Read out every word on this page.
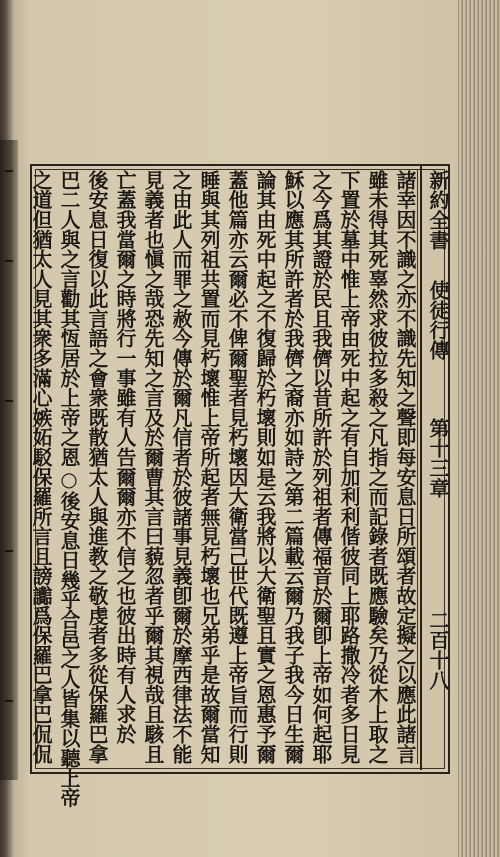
新約全書
使徒行傳
第十三章
二百十八
諸幸因不識之亦不識先知之聲即每安息日所頌者故定擬之以應此諸言
雖未得其死辜然求彼拉多殺之凡指之而記錄者既應驗矣乃從木上取之
下置於墓中惟上帝由死中起之有自加利利偕彼同上耶路撒冷者多日見
之今爲其證於民且我儕以昔所許於列祖者傳福音於爾卽上帝如何起耶
穌以應其所許者於我儕之裔亦如詩之第二篇載云爾乃我子我今日生爾
論其由死中起之不復歸於朽壞則如是云我將以大衛聖且實之恩惠予爾
蓋他篇亦云爾必不俾爾聖者見朽壞因大衛當己世代既遵上帝旨而行則
睡與其列祖共置而見朽壞惟上帝所起者無見朽壞也兄弟乎是故爾當知
之由此人而罪之赦今傳於爾凡信者於彼諸事見義卽爾於摩西律法不能
見義者也愼之哉恐先知之言及於爾曹其言曰藐忽者乎爾其視哉且駭且
亡蓋我當爾之時將行一事雖有人告爾爾亦不信之也彼出時有人求於
後安息日復以此言語之會衆既散猶太人與進教之敬虔者多從保羅巴拿
巴二人與之言勸其恆居於上帝之恩○後安息日幾乎合邑之人皆集以聽上帝
之道但猶太人見其衆多滿心嫉妬駁保羅所言且謗讟爲保羅巴拿巴侃侃
